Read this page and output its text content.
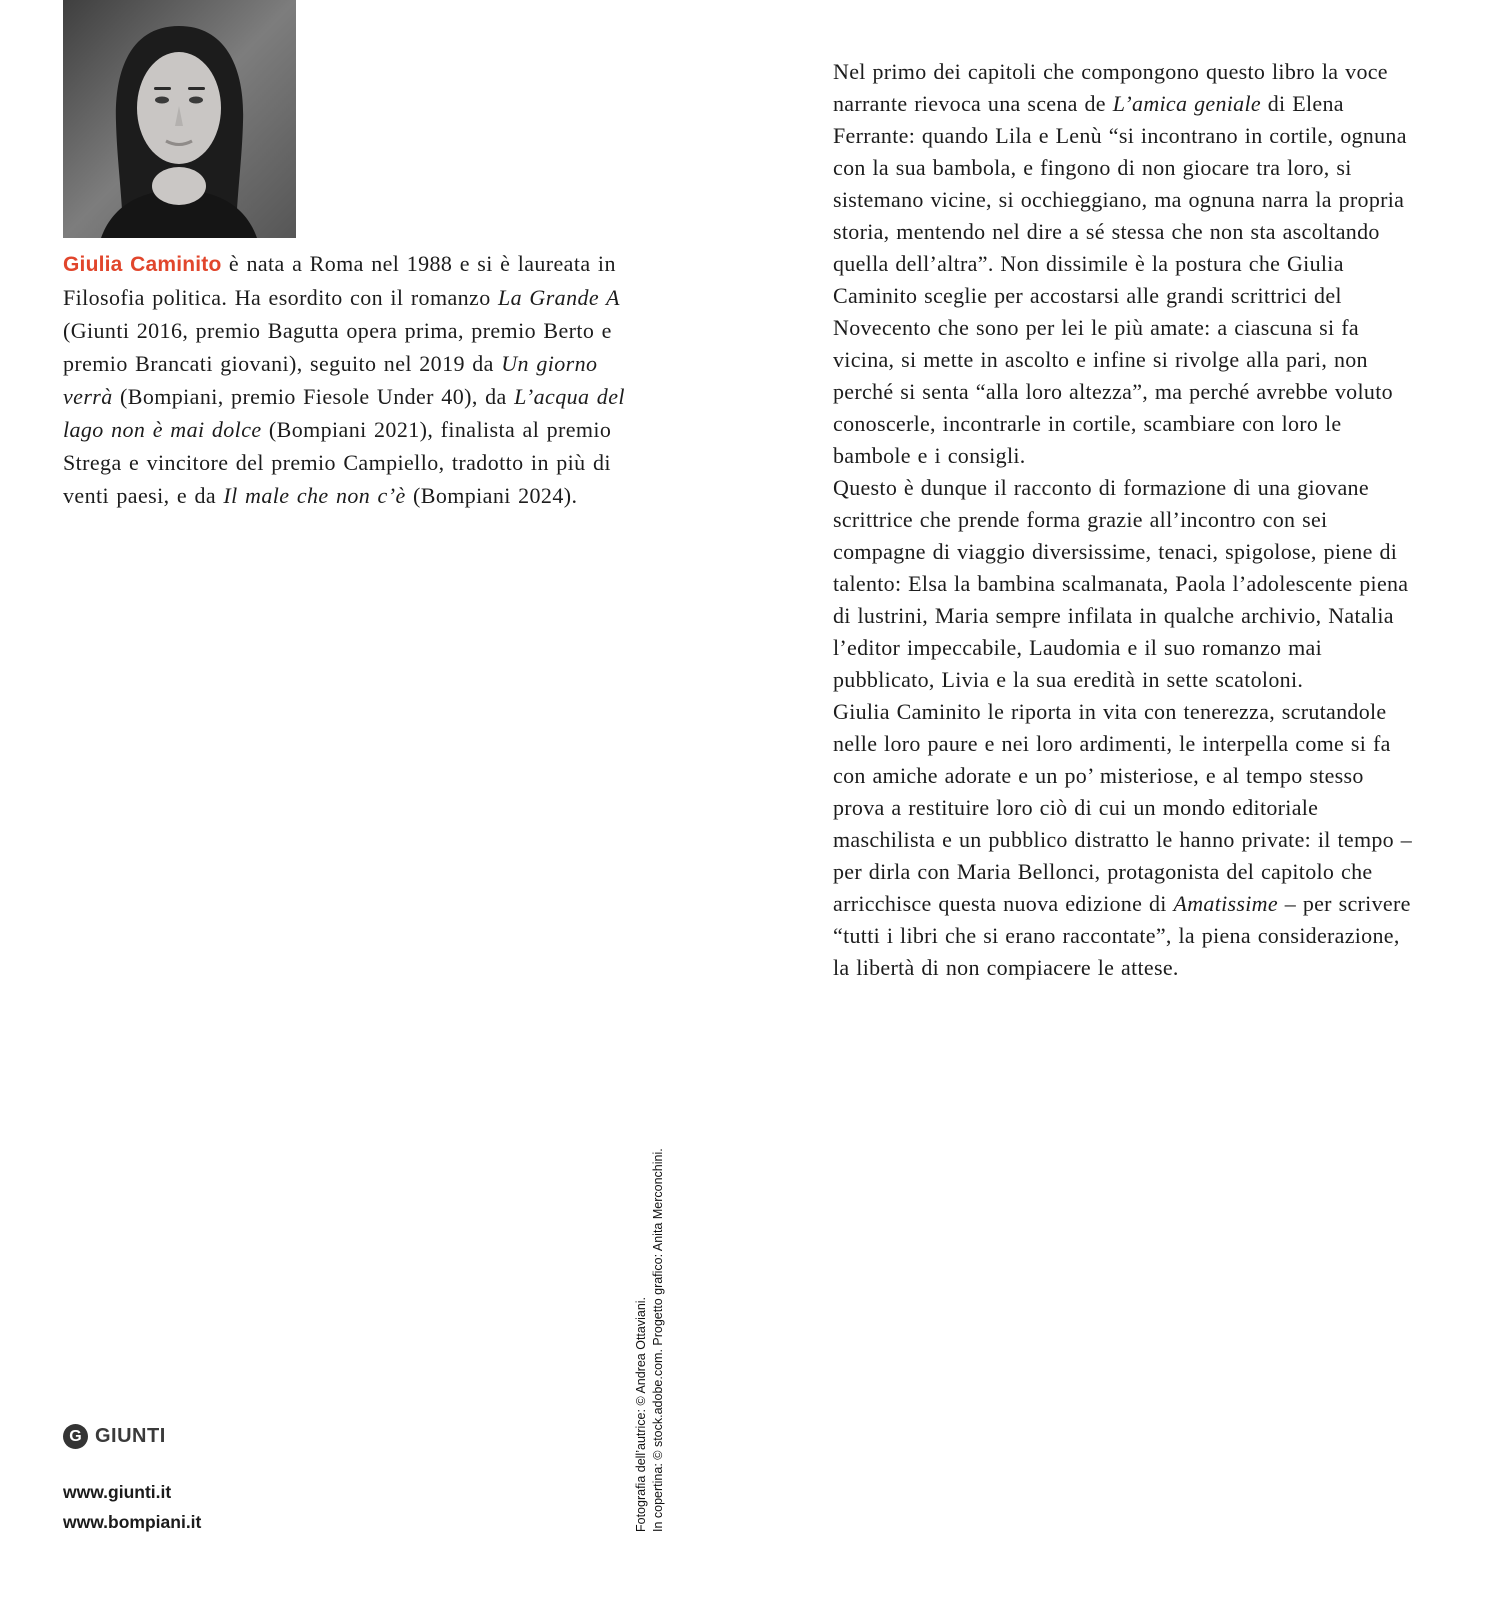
Giulia Caminito è nata a Roma nel 1988 e si è laureata in Filosofia politica. Ha esordito con il romanzo La Grande A (Giunti 2016, premio Bagutta opera prima, premio Berto e premio Brancati giovani), seguito nel 2019 da Un giorno verrà (Bompiani, premio Fiesole Under 40), da L’acqua del lago non è mai dolce (Bompiani 2021), finalista al premio Strega e vincitore del premio Campiello, tradotto in più di venti paesi, e da Il male che non c’è (Bompiani 2024).

Nel primo dei capitoli che compongono questo libro la voce narrante rievoca una scena de L’amica geniale di Elena Ferrante: quando Lila e Lenù “si incontrano in cortile, ognuna con la sua bambola, e fingono di non giocare tra loro, si sistemano vicine, si occhieggiano, ma ognuna narra la propria storia, mentendo nel dire a sé stessa che non sta ascoltando quella dell’altra”. Non dissimile è la postura che Giulia Caminito sceglie per accostarsi alle grandi scrittrici del Novecento che sono per lei le più amate: a ciascuna si fa vicina, si mette in ascolto e infine si rivolge alla pari, non perché si senta “alla loro altezza”, ma perché avrebbe voluto conoscerle, incontrarle in cortile, scambiare con loro le bambole e i consigli.

Questo è dunque il racconto di formazione di una giovane scrittrice che prende forma grazie all’incontro con sei compagne di viaggio diversissime, tenaci, spigolose, piene di talento: Elsa la bambina scalmanata, Paola l’adolescente piena di lustrini, Maria sempre infilata in qualche archivio, Natalia l’editor impeccabile, Laudomia e il suo romanzo mai pubblicato, Livia e la sua eredità in sette scatoloni.

Giulia Caminito le riporta in vita con tenerezza, scrutandole nelle loro paure e nei loro ardimenti, le interpella come si fa con amiche adorate e un po’ misteriose, e al tempo stesso prova a restituire loro ciò di cui un mondo editoriale maschilista e un pubblico distratto le hanno private: il tempo – per dirla con Maria Bellonci, protagonista del capitolo che arricchisce questa nuova edizione di Amatissime – per scrivere “tutti i libri che si erano raccontate”, la piena considerazione, la libertà di non compiacere le attese.

Fotografia dell’autrice: © Andrea Ottaviani. In copertina: © stock.adobe.com. Progetto grafico: Anita Merconchini.
G GIUNTI
www.giunti.it
www.bompiani.it
